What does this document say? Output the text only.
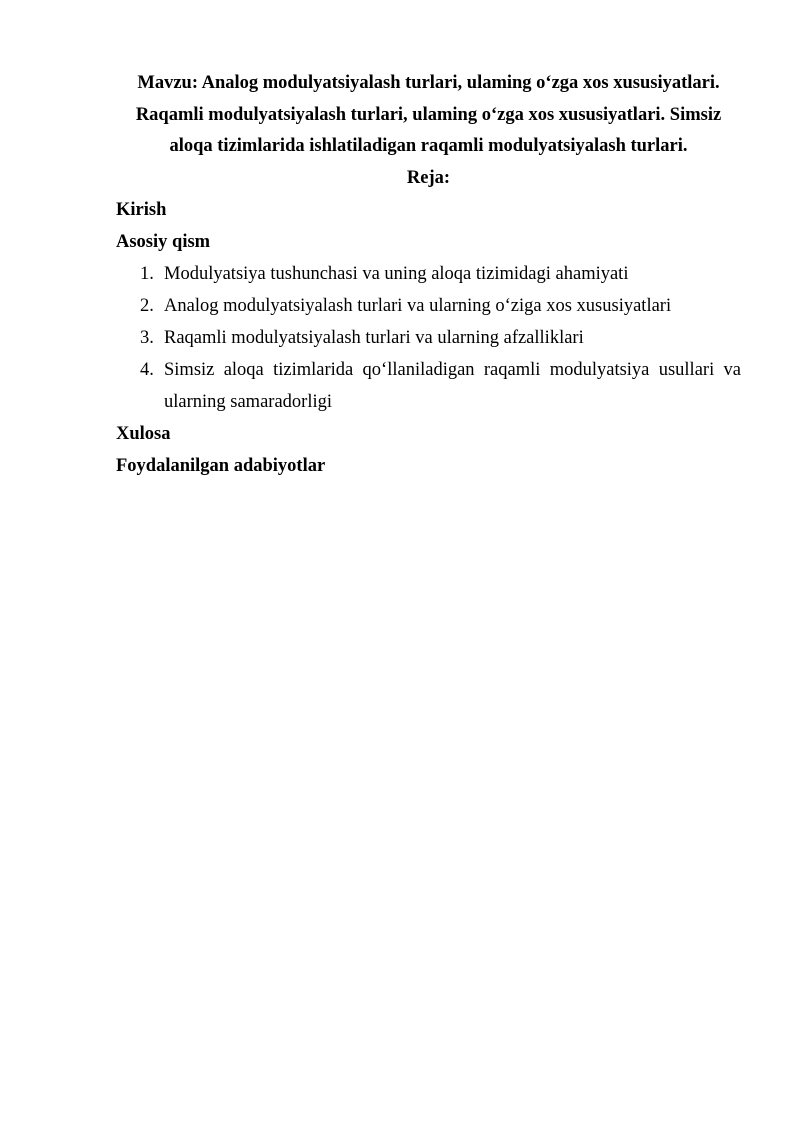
Mavzu: Analog modulyatsiyalash turlari, ulaming o‘zga xos xususiyatlari.
Raqamli modulyatsiyalash turlari, ulaming o‘zga xos xususiyatlari. Simsiz
aloqa tizimlarida ishlatiladigan raqamli modulyatsiyalash turlari.

Reja:

Kirish

Asosiy qism

1. Modulyatsiya tushunchasi va uning aloqa tizimidagi ahamiyati
2. Analog modulyatsiyalash turlari va ularning o‘ziga xos xususiyatlari
3. Raqamli modulyatsiyalash turlari va ularning afzalliklari
4. Simsiz aloqa tizimlarida qo‘llaniladigan raqamli modulyatsiya usullari va ularning samaradorligi

Xulosa

Foydalanilgan adabiyotlar
